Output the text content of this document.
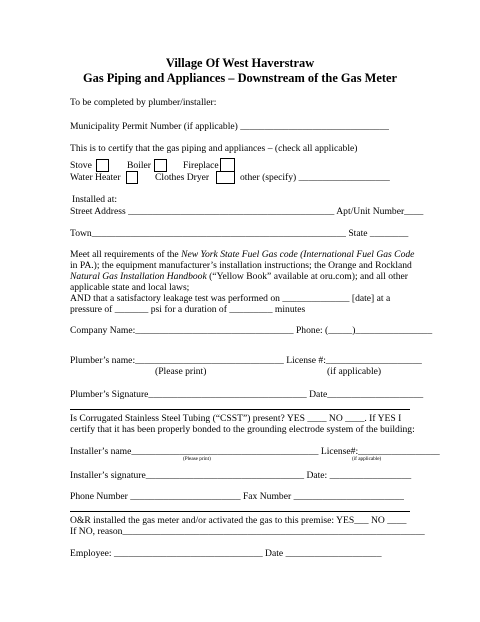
Village Of West Haverstraw
Gas Piping and Appliances – Downstream of the Gas Meter
To be completed by plumber/installer:
Municipality Permit Number (if applicable) _______________________________
This is to certify that the gas piping and appliances – (check all applicable)
Stove	Boiler	Fireplace
Water Heater	Clothes Dryer	other (specify) ___________________
Installed at:
Street Address ___________________________________________ Apt/Unit Number____
Town_____________________________________________________ State ________
Meet all requirements of the New York State Fuel Gas code (International Fuel Gas Code
in PA.); the equipment manufacturer’s installation instructions; the Orange and Rockland
Natural Gas Installation Handbook (“Yellow Book” available at oru.com); and all other
applicable state and local laws;
AND that a satisfactory leakage test was performed on ______________ [date] at a
pressure of _______ psi for a duration of _________ minutes
Company Name:_________________________________ Phone: (_____)________________
Plumber’s name:_______________________________ License #:____________________
(Please print)	(if applicable)
Plumber’s Signature_________________________________ Date____________________
Is Corrugated Stainless Steel Tubing (“CSST”) present? YES ____ NO ____. If YES I
certify that it has been properly bonded to the grounding electrode system of the building:
Installer’s name_______________________________________ License#:_________________
(Please print)	(if applicable)
Installer’s signature_________________________________ Date: _________________
Phone Number _______________________ Fax Number _______________________
O&R installed the gas meter and/or activated the gas to this premise: YES___ NO ____
If NO, reason_______________________________________________________________
Employee: _______________________________ Date ____________________
